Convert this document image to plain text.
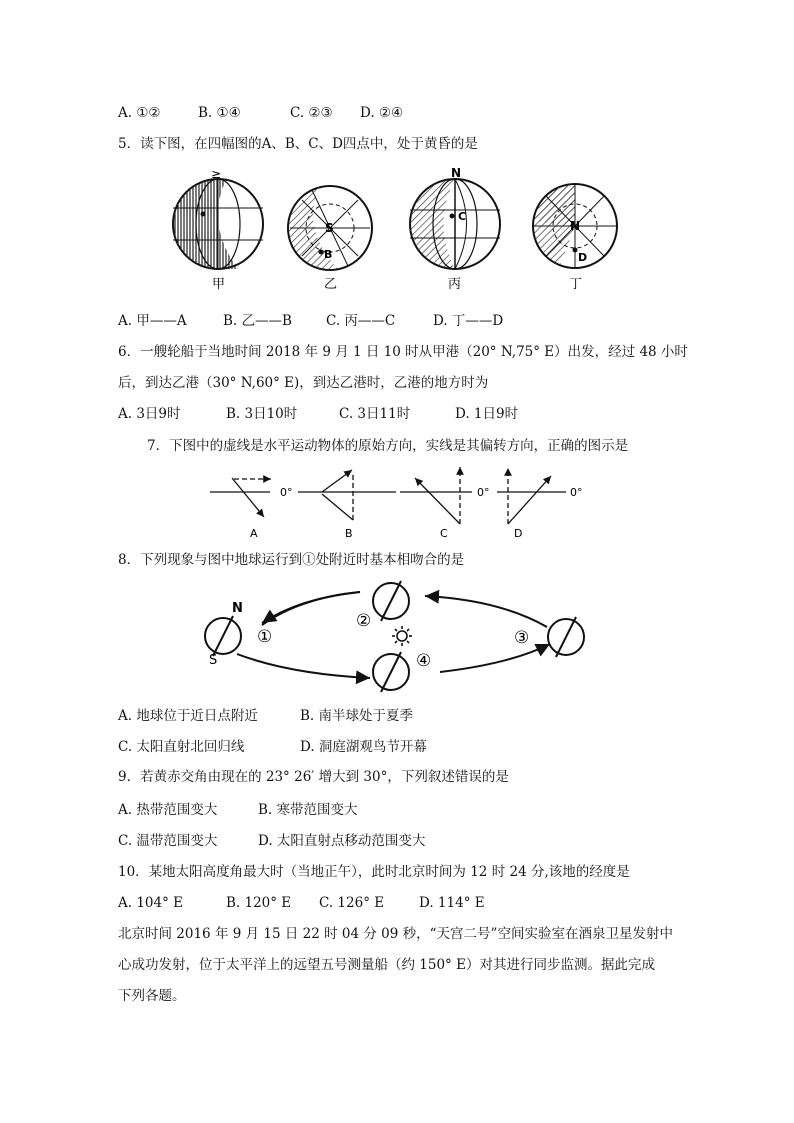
A. ①②	B. ①④	C. ②③ D. ②④
5．读下图，在四幅图的A、B、C、D四点中，处于黄昏的是
≥
甲
S
B
乙
N
C
丙
N
D
丁
A. 甲——A	B. 乙——B	C. 丙——C	D. 丁——D
6．一艘轮船于当地时间 2018 年 9 月 1 日 10 时从甲港（20° N,75° E）出发，经过 48 小时
后，到达乙港（30° N,60° E)，到达乙港时，乙港的地方时为
A. 3日9时	B. 3日10时	C. 3日11时	D. 1日9时
7．下图中的虚线是水平运动物体的原始方向，实线是其偏转方向，正确的图示是
0°
A	B
0°
C
0°
D
8．下列现象与图中地球运行到①处附近时基本相吻合的是
N
S
①
②
③
④
A. 地球位于近日点附近	B. 南半球处于夏季
C. 太阳直射北回归线	D. 洞庭湖观鸟节开幕
9．若黄赤交角由现在的 23° 26′ 增大到 30°，下列叙述错误的是
A. 热带范围变大	B. 寒带范围变大
C. 温带范围变大	D. 太阳直射点移动范围变大
10．某地太阳高度角最大时（当地正午），此时北京时间为 12 时 24 分,该地的经度是
A. 104° E	B. 120° E C. 126° E	D. 114° E
北京时间 2016 年 9 月 15 日 22 时 04 分 09 秒，“天宫二号”空间实验室在酒泉卫星发射中
心成功发射，位于太平洋上的远望五号测量船（约 150° E）对其进行同步监测。据此完成
下列各题。
